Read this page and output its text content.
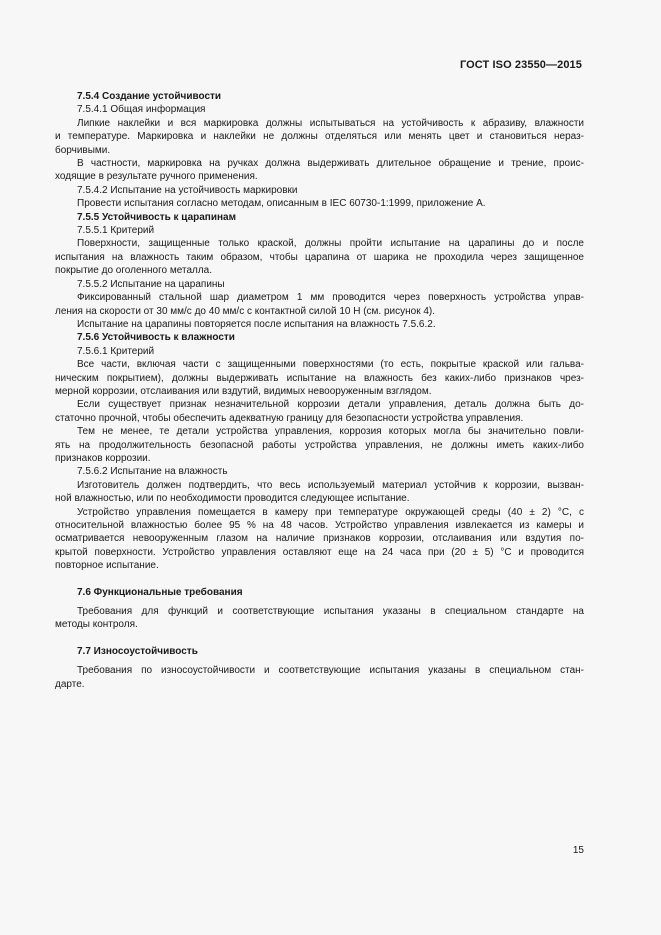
ГОСТ ISO 23550—2015
7.5.4 Создание устойчивости
7.5.4.1 Общая информация
Липкие наклейки и вся маркировка должны испытываться на устойчивость к абразиву, влажности
и температуре. Маркировка и наклейки не должны отделяться или менять цвет и становиться нераз-
борчивыми.
В частности, маркировка на ручках должна выдерживать длительное обращение и трение, проис-
ходящие в результате ручного применения.
7.5.4.2 Испытание на устойчивость маркировки
Провести испытания согласно методам, описанным в IEC 60730-1:1999, приложение А.
7.5.5 Устойчивость к царапинам
7.5.5.1 Критерий
Поверхности, защищенные только краской, должны пройти испытание на царапины до и после
испытания на влажность таким образом, чтобы царапина от шарика не проходила через защищенное
покрытие до оголенного металла.
7.5.5.2 Испытание на царапины
Фиксированный стальной шар диаметром 1 мм проводится через поверхность устройства управ-
ления на скорости от 30 мм/с до 40 мм/с с контактной силой 10 Н (см. рисунок 4).
Испытание на царапины повторяется после испытания на влажность 7.5.6.2.
7.5.6 Устойчивость к влажности
7.5.6.1 Критерий
Все части, включая части с защищенными поверхностями (то есть, покрытые краской или гальва-
ническим покрытием), должны выдерживать испытание на влажность без каких-либо признаков чрез-
мерной коррозии, отслаивания или вздутий, видимых невооруженным взглядом.
Если существует признак незначительной коррозии детали управления, деталь должна быть до-
статочно прочной, чтобы обеспечить адекватную границу для безопасности устройства управления.
Тем не менее, те детали устройства управления, коррозия которых могла бы значительно повли-
ять на продолжительность безопасной работы устройства управления, не должны иметь каких-либо
признаков коррозии.
7.5.6.2 Испытание на влажность
Изготовитель должен подтвердить, что весь используемый материал устойчив к коррозии, вызван-
ной влажностью, или по необходимости проводится следующее испытание.
Устройство управления помещается в камеру при температуре окружающей среды (40 ± 2) °С, с
относительной влажностью более 95 % на 48 часов. Устройство управления извлекается из камеры и
осматривается невооруженным глазом на наличие признаков коррозии, отслаивания или вздутия по-
крытой поверхности. Устройство управления оставляют еще на 24 часа при (20 ± 5) °С и проводится
повторное испытание.
7.6 Функциональные требования
Требования для функций и соответствующие испытания указаны в специальном стандарте на
методы контроля.
7.7 Износоустойчивость
Требования по износоустойчивости и соответствующие испытания указаны в специальном стан-
дарте.
15
